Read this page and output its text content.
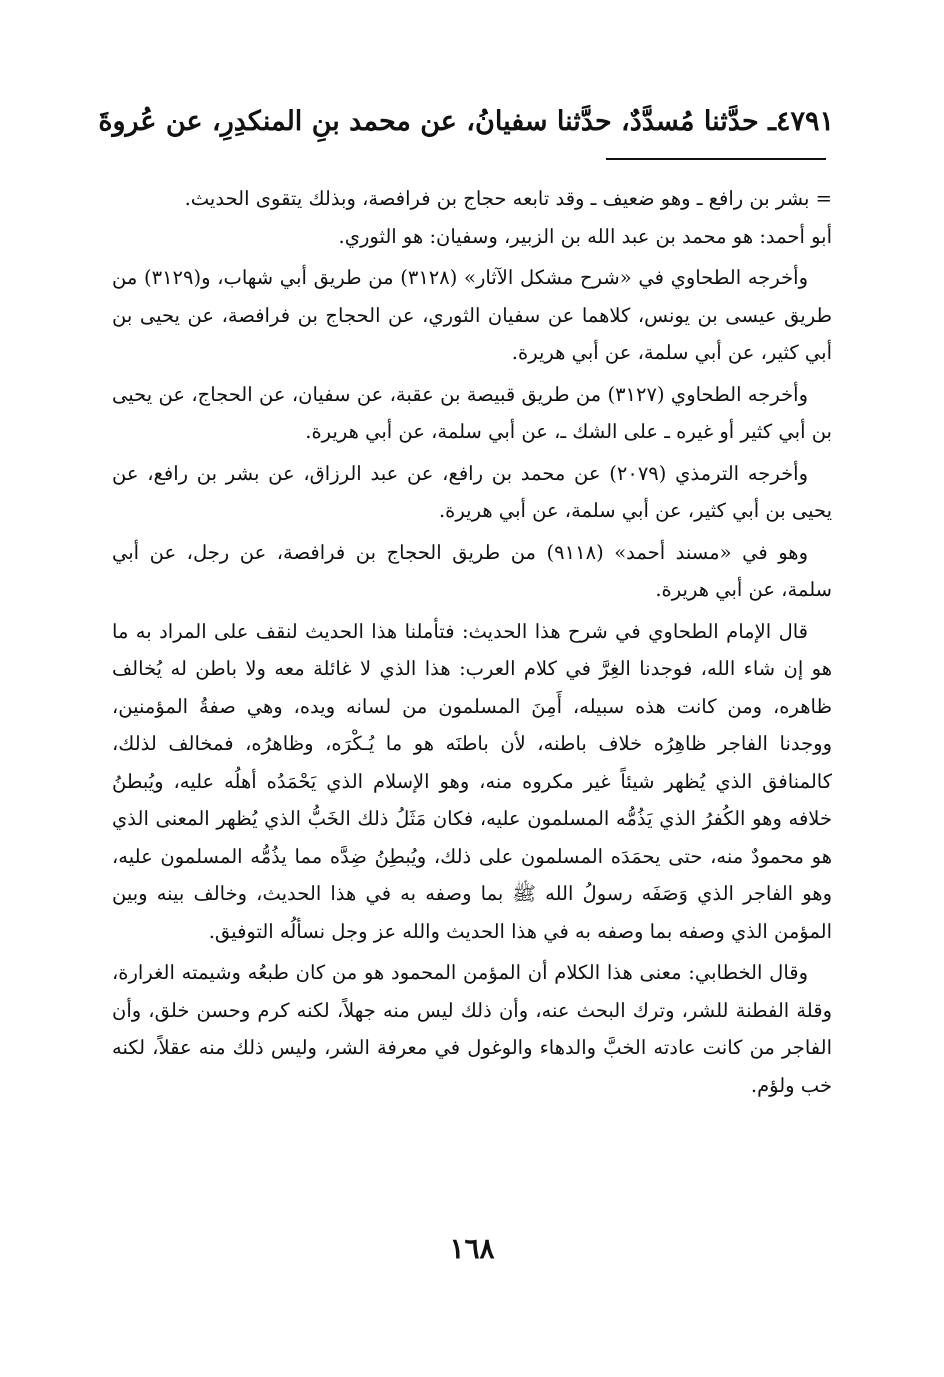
٤٧٩١ـ حدَّثنا مُسدَّدٌ، حدَّثنا سفيانُ، عن محمد بنِ المنكدِرِ، عن عُروةَ

= بشر بن رافع ـ وهو ضعيف ـ وقد تابعه حجاج بن فرافصة، وبذلك يتقوى الحديث.

أبو أحمد: هو محمد بن عبد الله بن الزبير، وسفيان: هو الثوري.

وأخرجه الطحاوي في «شرح مشكل الآثار» (٣١٢٨) من طريق أبي شهاب، و(٣١٢٩) من طريق عيسى بن يونس، كلاهما عن سفيان الثوري، عن الحجاج بن فرافصة، عن يحيى بن أبي كثير، عن أبي سلمة، عن أبي هريرة.

وأخرجه الطحاوي (٣١٢٧) من طريق قبيصة بن عقبة، عن سفيان، عن الحجاج، عن يحيى بن أبي كثير أو غيره ـ على الشك ـ، عن أبي سلمة، عن أبي هريرة.

وأخرجه الترمذي (٢٠٧٩) عن محمد بن رافع، عن عبد الرزاق، عن بشر بن رافع، عن يحيى بن أبي كثير، عن أبي سلمة، عن أبي هريرة.

وهو في «مسند أحمد» (٩١١٨) من طريق الحجاج بن فرافصة، عن رجل، عن أبي سلمة، عن أبي هريرة.

قال الإمام الطحاوي في شرح هذا الحديث: فتأملنا هذا الحديث لنقف على المراد به ما هو إن شاء الله، فوجدنا الغِرَّ في كلام العرب: هذا الذي لا غائلة معه ولا باطن له يُخالف ظاهره، ومن كانت هذه سبيله، أَمِنَ المسلمون من لسانه ويده، وهي صفةُ المؤمنين، ووجدنا الفاجر ظاهِرُه خلاف باطنه، لأن باطنَه هو ما يُـكْرَه، وظاهرُه، فمخالف لذلك، كالمنافق الذي يُظهر شيئاً غير مكروه منه، وهو الإسلام الذي يَحْمَدُه أهلُه عليه، ويُبطنُ خلافه وهو الكُفرُ الذي يَذُمُّه المسلمون عليه، فكان مَثَلُ ذلك الخَبُّ الذي يُظهر المعنى الذي هو محمودٌ منه، حتى يحمَدَه المسلمون على ذلك، ويُبطِنُ ضِدَّه مما يذُمُّه المسلمون عليه، وهو الفاجر الذي وَصَفَه رسولُ الله ﷺ بما وصفه به في هذا الحديث، وخالف بينه وبين المؤمن الذي وصفه بما وصفه به في هذا الحديث والله عز وجل نسألُه التوفيق.

وقال الخطابي: معنى هذا الكلام أن المؤمن المحمود هو من كان طبعُه وشيمته الغرارة، وقلة الفطنة للشر، وترك البحث عنه، وأن ذلك ليس منه جهلاً، لكنه كرم وحسن خلق، وأن الفاجر من كانت عادته الخبَّ والدهاء والوغول في معرفة الشر، وليس ذلك منه عقلاً، لكنه خب ولؤم.

١٦٨
